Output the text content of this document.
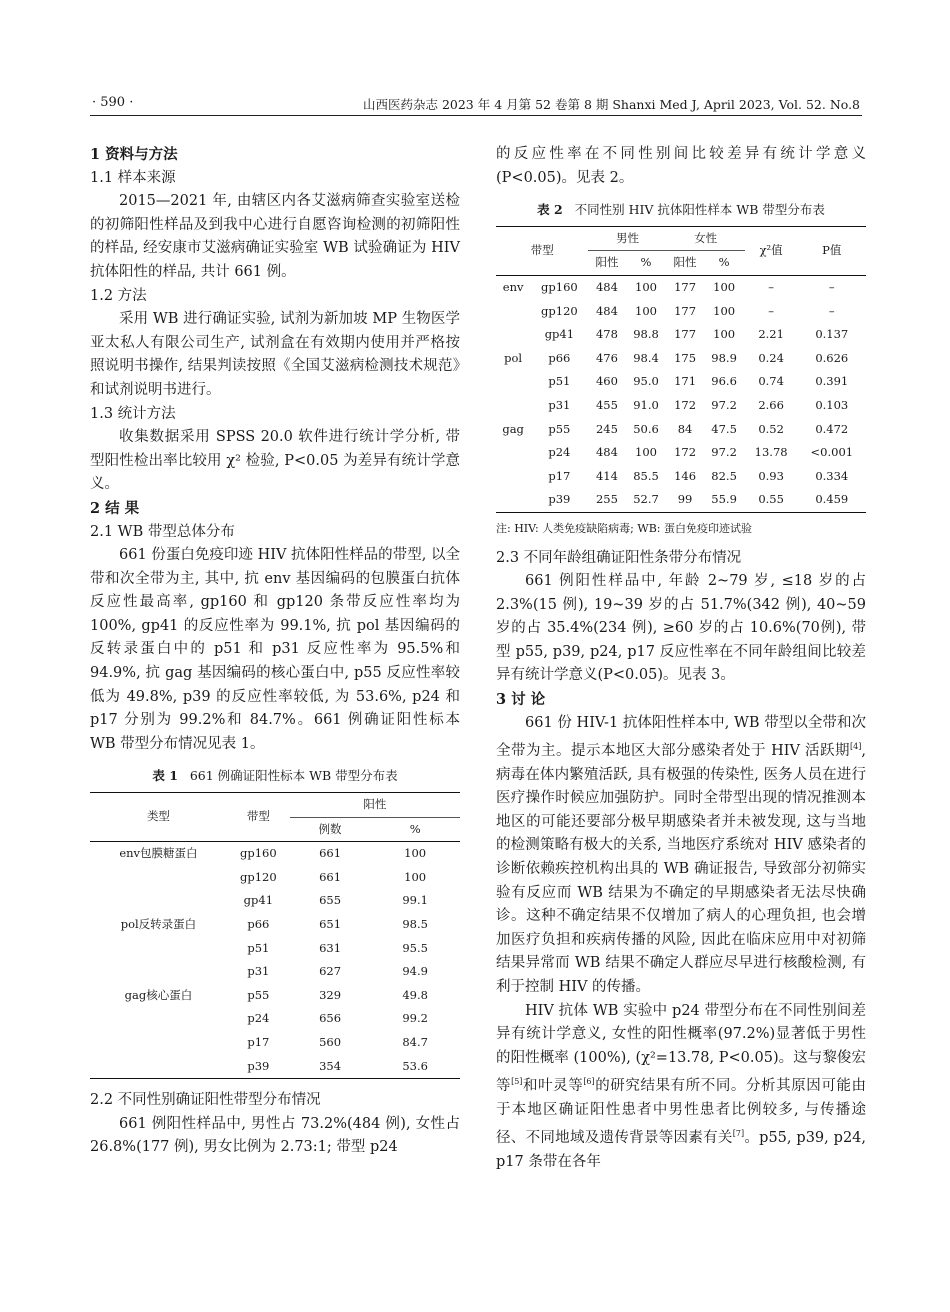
· 590 ·	山西医药杂志 2023 年 4 月第 52 卷第 8 期 Shanxi Med J, April 2023, Vol. 52. No.8

1 资料与方法

1.1 样本来源

2015—2021 年, 由辖区内各艾滋病筛查实验室送检的初筛阳性样品及到我中心进行自愿咨询检测的初筛阳性的样品, 经安康市艾滋病确证实验室 WB 试验确证为 HIV 抗体阳性的样品, 共计 661 例。

1.2 方法

采用 WB 进行确证实验, 试剂为新加坡 MP 生物医学亚太私人有限公司生产, 试剂盒在有效期内使用并严格按照说明书操作, 结果判读按照《全国艾滋病检测技术规范》和试剂说明书进行。

1.3 统计方法

收集数据采用 SPSS 20.0 软件进行统计学分析, 带型阳性检出率比较用 χ² 检验, P<0.05 为差异有统计学意义。

2 结 果

2.1 WB 带型总体分布

661 份蛋白免疫印迹 HIV 抗体阳性样品的带型, 以全带和次全带为主, 其中, 抗 env 基因编码的包膜蛋白抗体反应性最高率, gp160 和 gp120 条带反应性率均为 100%, gp41 的反应性率为 99.1%, 抗 pol 基因编码的反转录蛋白中的 p51 和 p31 反应性率为 95.5%和 94.9%, 抗 gag 基因编码的核心蛋白中, p55 反应性率较低为 49.8%, p39 的反应性率较低, 为 53.6%, p24 和 p17 分别为 99.2%和 84.7%。661 例确证阳性标本 WB 带型分布情况见表 1。

表 1 661 例确证阳性标本 WB 带型分布表
类型	带型	阳性	
		例数	%
env包膜糖蛋白	gp160	661	100
	gp120	661	100
	gp41	655	99.1
pol反转录蛋白	p66	651	98.5
	p51	631	95.5
	p31	627	94.9
gag核心蛋白	p55	329	49.8
	p24	656	99.2
	p17	560	84.7
	p39	354	53.6

2.2 不同性别确证阳性带型分布情况

661 例阳性样品中, 男性占 73.2%(484 例), 女性占 26.8%(177 例), 男女比例为 2.73:1; 带型 p24

的反应性率在不同性别间比较差异有统计学意义(P<0.05)。见表 2。

表 2 不同性别 HIV 抗体阳性样本 WB 带型分布表
带型		男性		女性		χ²值	P值
		阳性	%	阳性	%		
env	gp160	484	100	177	100	–	–
	gp120	484	100	177	100	–	–
	gp41	478	98.8	177	100	2.21	0.137
pol	p66	476	98.4	175	98.9	0.24	0.626
	p51	460	95.0	171	96.6	0.74	0.391
	p31	455	91.0	172	97.2	2.66	0.103
gag	p55	245	50.6	84	47.5	0.52	0.472
	p24	484	100	172	97.2	13.78	<0.001
	p17	414	85.5	146	82.5	0.93	0.334
	p39	255	52.7	99	55.9	0.55	0.459
注: HIV: 人类免疫缺陷病毒; WB: 蛋白免疫印迹试验

2.3 不同年龄组确证阳性条带分布情况

661 例阳性样品中, 年龄 2~79 岁, ≤18 岁的占 2.3%(15 例), 19~39 岁的占 51.7%(342 例), 40~59 岁的占 35.4%(234 例), ≥60 岁的占 10.6%(70例), 带型 p55, p39, p24, p17 反应性率在不同年龄组间比较差异有统计学意义(P<0.05)。见表 3。

3 讨 论

661 份 HIV-1 抗体阳性样本中, WB 带型以全带和次全带为主。提示本地区大部分感染者处于 HIV 活跃期[4], 病毒在体内繁殖活跃, 具有极强的传染性, 医务人员在进行医疗操作时候应加强防护。同时全带型出现的情况推测本地区的可能还要部分极早期感染者并未被发现, 这与当地的检测策略有极大的关系, 当地医疗系统对 HIV 感染者的诊断依赖疾控机构出具的 WB 确证报告, 导致部分初筛实验有反应而 WB 结果为不确定的早期感染者无法尽快确诊。这种不确定结果不仅增加了病人的心理负担, 也会增加医疗负担和疾病传播的风险, 因此在临床应用中对初筛结果异常而 WB 结果不确定人群应尽早进行核酸检测, 有利于控制 HIV 的传播。

HIV 抗体 WB 实验中 p24 带型分布在不同性别间差异有统计学意义, 女性的阳性概率(97.2%)显著低于男性的阳性概率 (100%), (χ²=13.78, P<0.05)。这与黎俊宏等[5]和叶灵等[6]的研究结果有所不同。分析其原因可能由于本地区确证阳性患者中男性患者比例较多, 与传播途径、不同地域及遗传背景等因素有关[7]。p55, p39, p24, p17 条带在各年
